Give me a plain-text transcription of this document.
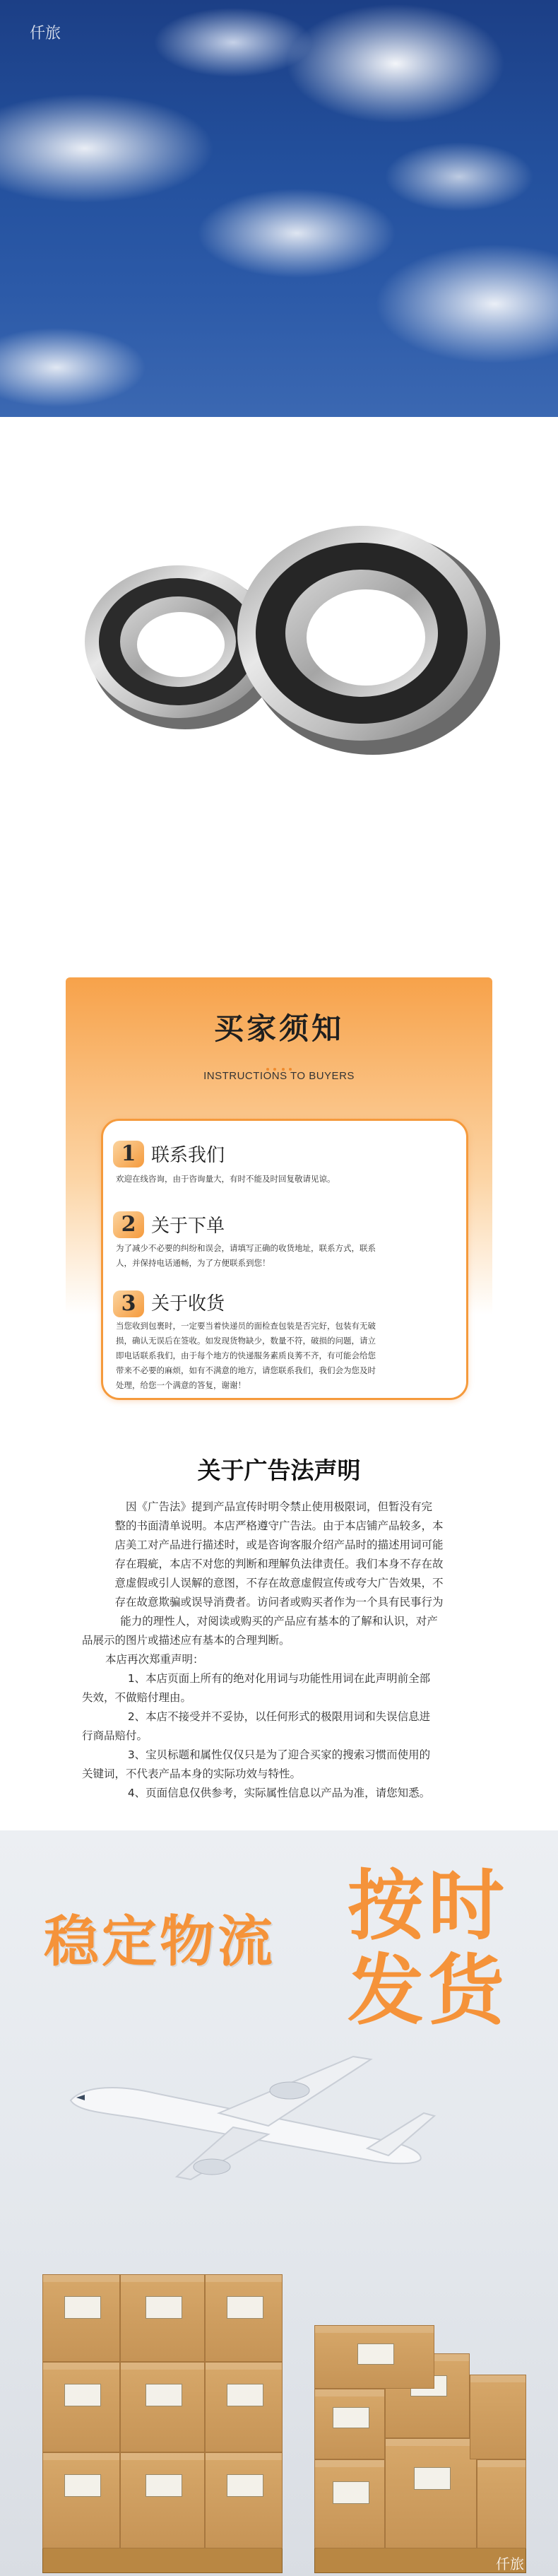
仟旅
买家须知
INSTRUCTIONS TO BUYERS
1 联系我们
欢迎在线咨询，由于咨询量大，有时不能及时回复敬请见谅。
2 关于下单
为了减少不必要的纠纷和误会，请填写正确的收货地址，联系方式，联系
人，并保持电话通畅，为了方便联系到您！
3 关于收货
当您收到包裹时，一定要当着快递员的面检查包装是否完好，包装有无破
损，确认无误后在签收。如发现货物缺少，数量不符，破损的问题，请立
即电话联系我们，由于每个地方的快递服务素质良莠不齐，有可能会给您
带来不必要的麻烦，如有不满意的地方，请您联系我们，我们会为您及时
处理，给您一个满意的答复，谢谢！
关于广告法声明
因《广告法》提到产品宣传时明令禁止使用极限词，但暂没有完
整的书面清单说明。本店严格遵守广告法。由于本店铺产品较多，本
店美工对产品进行描述时，或是咨询客服介绍产品时的描述用词可能
存在瑕疵，本店不对您的判断和理解负法律责任。我们本身不存在故
意虚假或引人误解的意图，不存在故意虚假宣传或夸大广告效果，不
存在故意欺骗或误导消费者。访问者或购买者作为一个具有民事行为
能力的理性人，对阅读或购买的产品应有基本的了解和认识，对产
品展示的图片或描述应有基本的合理判断。
本店再次郑重声明：
1、本店页面上所有的绝对化用词与功能性用词在此声明前全部
失效，不做赔付理由。
2、本店不接受并不妥协，以任何形式的极限用词和失误信息进
行商品赔付。
3、宝贝标题和属性仅仅只是为了迎合买家的搜索习惯而使用的
关键词，不代表产品本身的实际功效与特性。
4、页面信息仅供参考，实际属性信息以产品为准，请您知悉。
稳定物流 按时
发货
仟旅
